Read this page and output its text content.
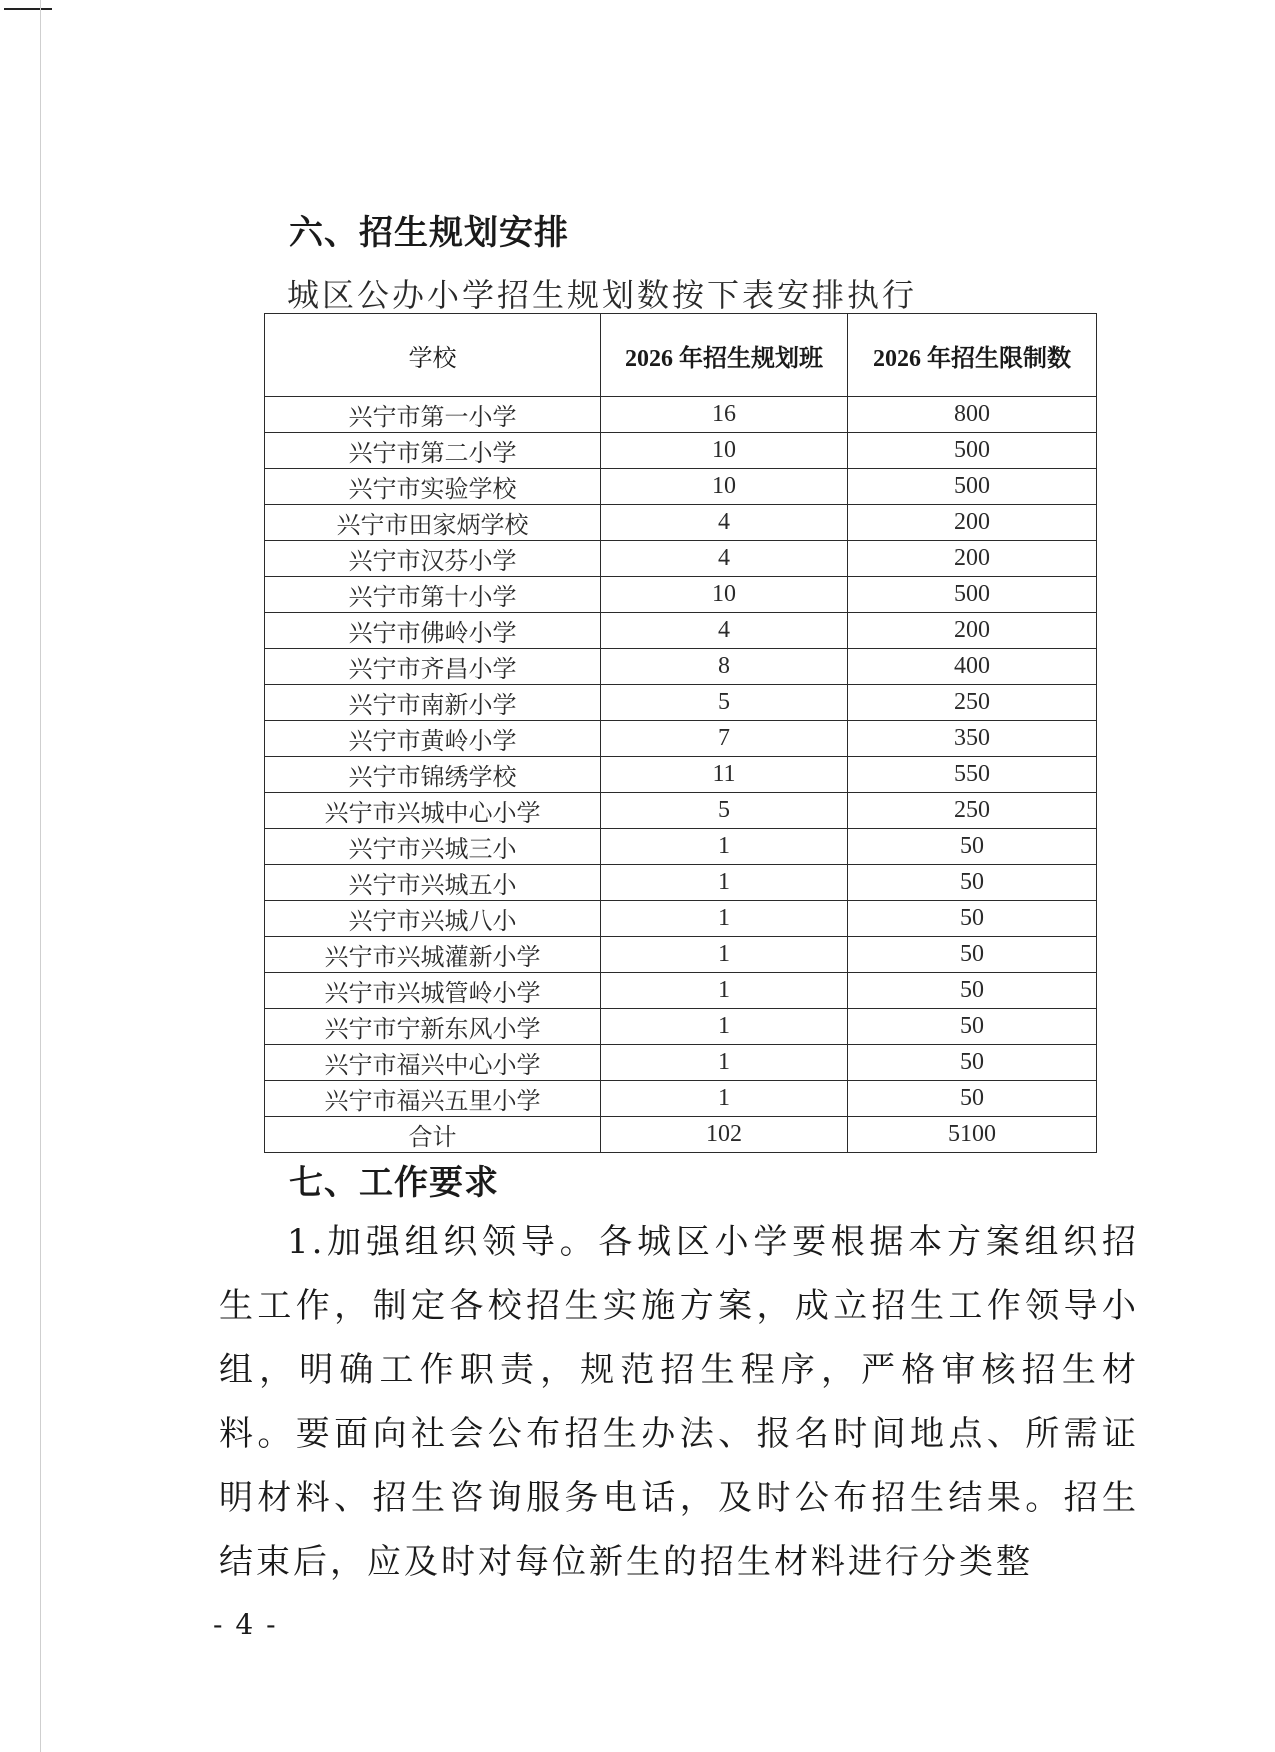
六、招生规划安排

城区公办小学招生规划数按下表安排执行

学校	2026 年招生规划班	2026 年招生限制数
兴宁市第一小学	16	800
兴宁市第二小学	10	500
兴宁市实验学校	10	500
兴宁市田家炳学校	4	200
兴宁市汉芬小学	4	200
兴宁市第十小学	10	500
兴宁市佛岭小学	4	200
兴宁市齐昌小学	8	400
兴宁市南新小学	5	250
兴宁市黄岭小学	7	350
兴宁市锦绣学校	11	550
兴宁市兴城中心小学	5	250
兴宁市兴城三小	1	50
兴宁市兴城五小	1	50
兴宁市兴城八小	1	50
兴宁市兴城灌新小学	1	50
兴宁市兴城管岭小学	1	50
兴宁市宁新东风小学	1	50
兴宁市福兴中心小学	1	50
兴宁市福兴五里小学	1	50
合计	102	5100
七、工作要求

1.加强组织领导。各城区小学要根据本方案组织招生工作，制定各校招生实施方案，成立招生工作领导小组，明确工作职责，规范招生程序，严格审核招生材料。要面向社会公布招生办法、报名时间地点、所需证明材料、招生咨询服务电话，及时公布招生结果。招生结束后，应及时对每位新生的招生材料进行分类整

- 4 -
